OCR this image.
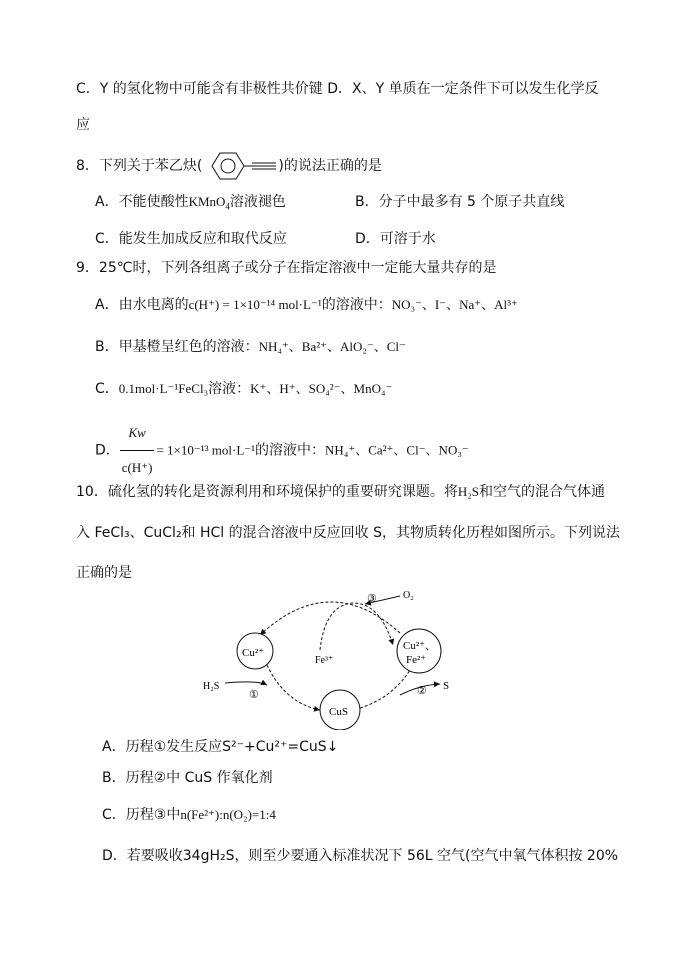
C．Y 的氢化物中可能含有非极性共价键 D．X、Y 单质在一定条件下可以发生化学反
应
8．下列关于苯乙炔(	)的说法正确的是
A．不能使酸性KMnO$_4$溶液褪色	B．分子中最多有 5 个原子共直线
C．能发生加成反应和取代反应	D．可溶于水
9．25℃时，下列各组离子或分子在指定溶液中一定能大量共存的是
A．由水电离的c(H⁺) = 1×10⁻¹⁴ mol·L⁻¹的溶液中：NO₃⁻、I⁻、Na⁺、Al³⁺
B．甲基橙呈红色的溶液：NH₄⁺、Ba²⁺、AlO₂⁻、Cl⁻
C．0.1mol·L⁻¹FeCl₃溶液：K⁺、H⁺、SO₄²⁻、MnO₄⁻
D． $\frac{Kw}{c(H^+)} = 1\times 10^{-13}$ mol·L⁻¹的溶液中：NH₄⁺、Ca²⁺、Cl⁻、NO₃⁻
10．硫化氢的转化是资源利用和环境保护的重要研究课题。将H₂S和空气的混合气体通
入 FeCl₃、CuCl₂和 HCl 的混合溶液中反应回收 S，其物质转化历程如图所示。下列说法
正确的是
Cu²⁺
CuS
Cu²⁺、
Fe²⁺
Fe³⁺
H₂S	S
O₂
①	②
③
A．历程①发生反应S²⁻+Cu²⁺=CuS↓
B．历程②中 CuS 作氧化剂
C．历程③中n(Fe²⁺):n(O₂)=1:4
D．若要吸收34gH₂S，则至少要通入标准状况下 56L 空气(空气中氧气体积按 20%
